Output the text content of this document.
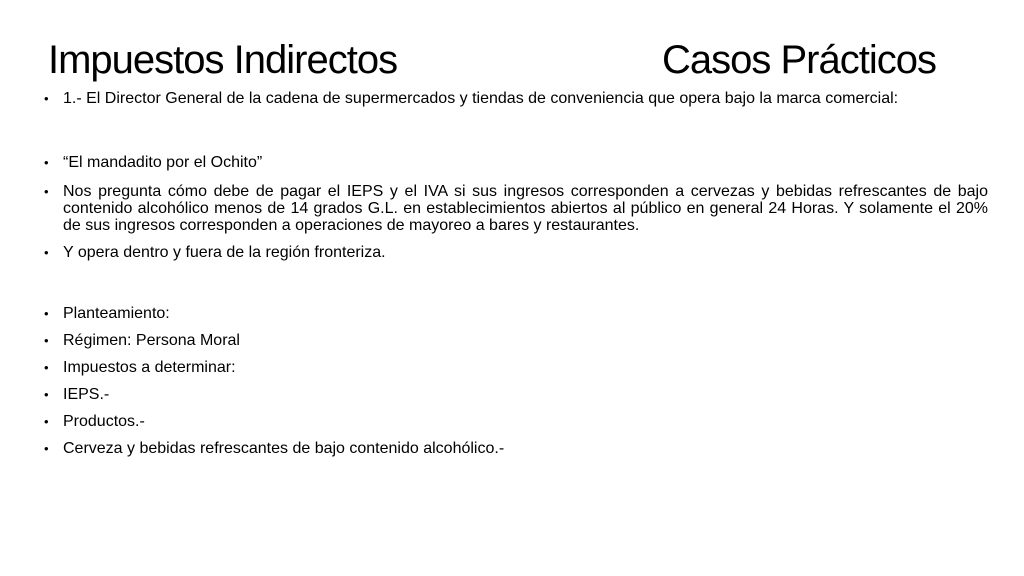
Impuestos Indirectos	Casos Prácticos
• 1.- El Director General de la cadena de supermercados y tiendas de conveniencia que opera bajo la marca comercial:
• “El mandadito por el Ochito”
• Nos pregunta cómo debe de pagar el IEPS y el IVA si sus ingresos corresponden a cervezas y bebidas refrescantes de bajo contenido alcohólico menos de 14 grados G.L. en establecimientos abiertos al público en general 24 Horas. Y solamente el 20% de sus ingresos corresponden a operaciones de mayoreo a bares y restaurantes.
• Y opera dentro y fuera de la región fronteriza.
• Planteamiento:
• Régimen: Persona Moral
• Impuestos a determinar:
• IEPS.-
• Productos.-
• Cerveza y bebidas refrescantes de bajo contenido alcohólico.-
